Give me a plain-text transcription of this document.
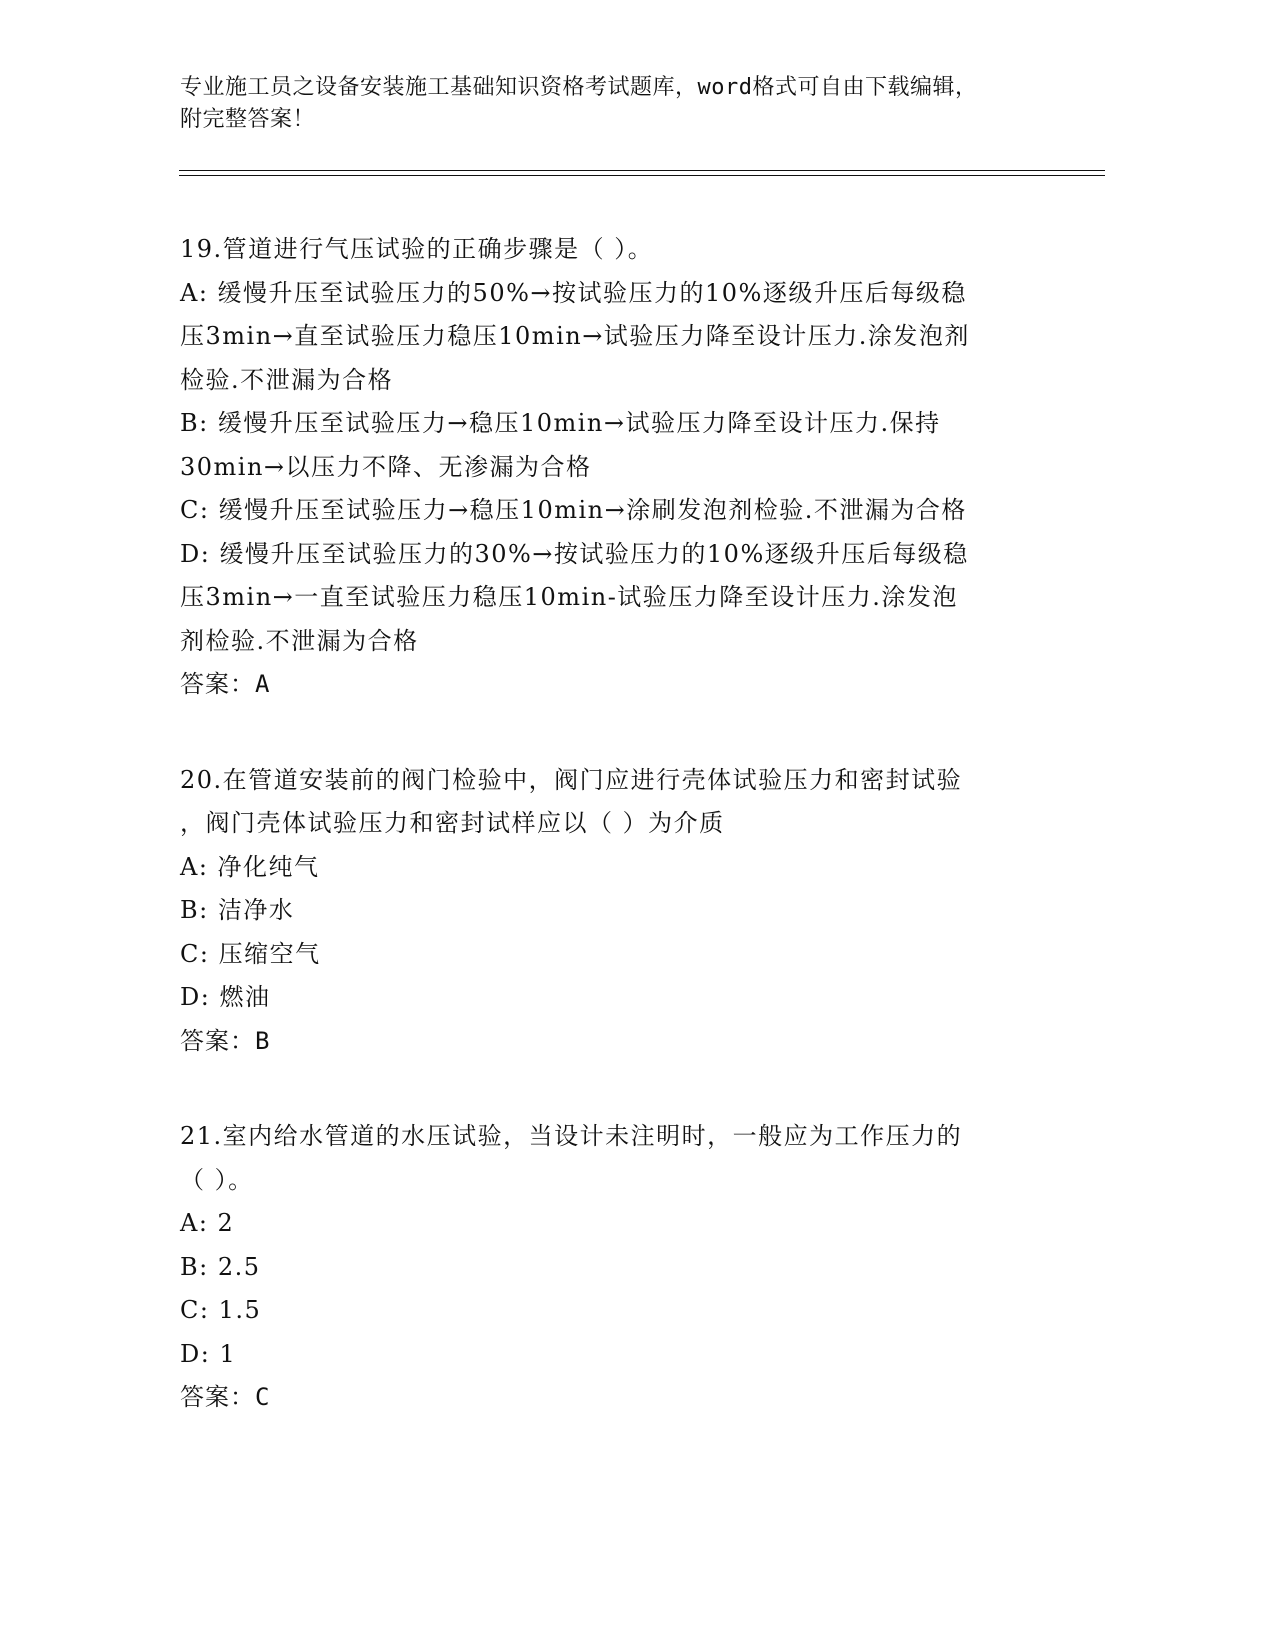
专业施工员之设备安装施工基础知识资格考试题库，word格式可自由下载编辑，
附完整答案！

19.管道进行气压试验的正确步骤是（ ）。

A: 缓慢升压至试验压力的50%→按试验压力的10%逐级升压后每级稳

压3min→直至试验压力稳压10min→试验压力降至设计压力.涂发泡剂

检验.不泄漏为合格

B: 缓慢升压至试验压力→稳压10min→试验压力降至设计压力.保持

30min→以压力不降、无渗漏为合格

C: 缓慢升压至试验压力→稳压10min→涂刷发泡剂检验.不泄漏为合格

D: 缓慢升压至试验压力的30%→按试验压力的10%逐级升压后每级稳

压3min→一直至试验压力稳压10min-试验压力降至设计压力.涂发泡

剂检验.不泄漏为合格

答案：A

20.在管道安装前的阀门检验中，阀门应进行壳体试验压力和密封试验

，阀门壳体试验压力和密封试样应以（ ）为介质

A: 净化纯气

B: 洁净水

C: 压缩空气

D: 燃油

答案：B

21.室内给水管道的水压试验，当设计未注明时，一般应为工作压力的

（ ）。

A: 2

B: 2.5

C: 1.5

D: 1

答案：C
